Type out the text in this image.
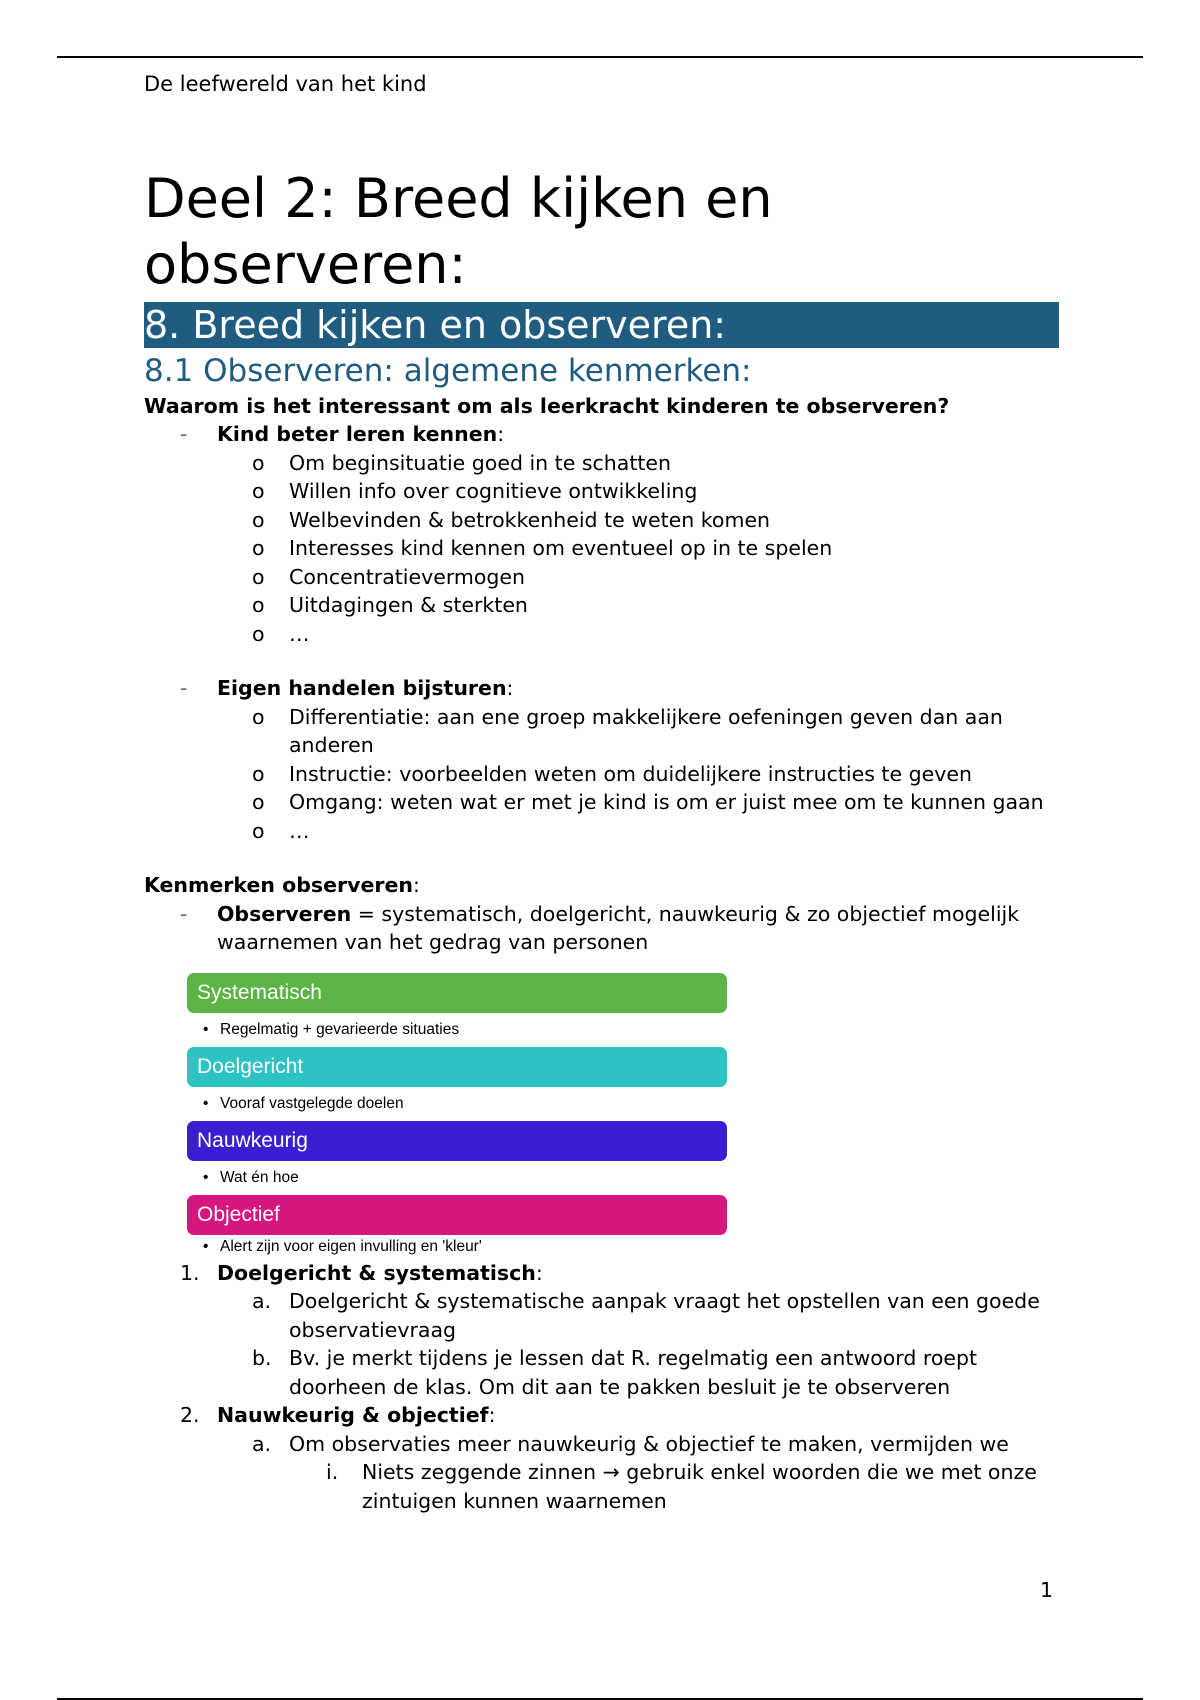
De leefwereld van het kind

Deel 2: Breed kijken en observeren:
8. Breed kijken en observeren:
8.1 Observeren: algemene kenmerken:

Waarom is het interessant om als leerkracht kinderen te observeren?

- Kind beter leren kennen:
o Om beginsituatie goed in te schatten
o Willen info over cognitieve ontwikkeling
o Welbevinden & betrokkenheid te weten komen
o Interesses kind kennen om eventueel op in te spelen
o Concentratievermogen
o Uitdagingen & sterkten
o …
- Eigen handelen bijsturen:
o Differentiatie: aan ene groep makkelijkere oefeningen geven dan aan anderen
o Instructie: voorbeelden weten om duidelijkere instructies te geven
o Omgang: weten wat er met je kind is om er juist mee om te kunnen gaan
o …

Kenmerken observeren:

- Observeren = systematisch, doelgericht, nauwkeurig & zo objectief mogelijk waarnemen van het gedrag van personen
Systematisch
• Regelmatig + gevarieerde situaties
Doelgericht
• Vooraf vastgelegde doelen
Nauwkeurig
• Wat én hoe
Objectief
• Alert zijn voor eigen invulling en 'kleur'
1. Doelgericht & systematisch:
a. Doelgericht & systematische aanpak vraagt het opstellen van een goede observatievraag
b. Bv. je merkt tijdens je lessen dat R. regelmatig een antwoord roept doorheen de klas. Om dit aan te pakken besluit je te observeren
2. Nauwkeurig & objectief:
a. Om observaties meer nauwkeurig & objectief te maken, vermijden we
i. Niets zeggende zinnen → gebruik enkel woorden die we met onze zintuigen kunnen waarnemen
1
